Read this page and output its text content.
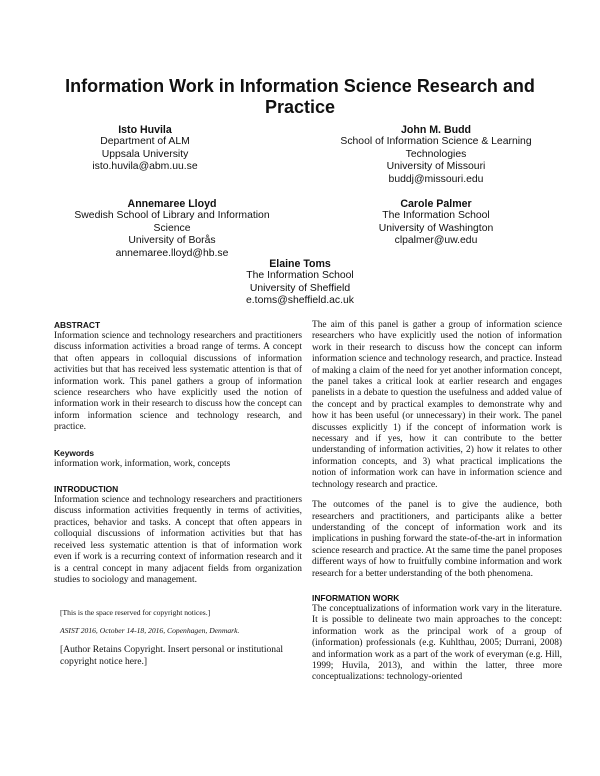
Information Work in Information Science Research and Practice
Isto Huvila
Department of ALM
Uppsala University
isto.huvila@abm.uu.se
John M. Budd
School of Information Science & Learning
Technologies
University of Missouri
buddj@missouri.edu
Annemaree Lloyd
Swedish School of Library and Information
Science
University of Borås
annemaree.lloyd@hb.se
Carole Palmer
The Information School
University of Washington
clpalmer@uw.edu
Elaine Toms
The Information School
University of Sheffield
e.toms@sheffield.ac.uk
ABSTRACT

Information science and technology researchers and practitioners discuss information activities a broad range of terms. A concept that often appears in colloquial discussions of information activities but that has received less systematic attention is that of information work. This panel gathers a group of information science researchers who have explicitly used the notion of information work in their research to discuss how the concept can inform information science and technology research, and practice.

Keywords

information work, information, work, concepts

INTRODUCTION

Information science and technology researchers and practitioners discuss information activities frequently in terms of activities, practices, behavior and tasks. A concept that often appears in colloquial discussions of information activities but that has received less systematic attention is that of information work even if work is a recurring context of information research and it is a central concept in many adjacent fields from organization studies to sociology and management.

[This is the space reserved for copyright notices.]

ASIST 2016, October 14-18, 2016, Copenhagen, Denmark.

[Author Retains Copyright. Insert personal or institutional copyright notice here.]

The aim of this panel is gather a group of information science researchers who have explicitly used the notion of information work in their research to discuss how the concept can inform information science and technology research, and practice. Instead of making a claim of the need for yet another information concept, the panel takes a critical look at earlier research and engages panelists in a debate to question the usefulness and added value of the concept and by practical examples to demonstrate why and how it has been useful (or unnecessary) in their work. The panel discusses explicitly 1) if the concept of information work is necessary and if yes, how it can contribute to the better understanding of information activities, 2) how it relates to other information concepts, and 3) what practical implications the notion of information work can have in information science and technology research and practice.

The outcomes of the panel is to give the audience, both researchers and practitioners, and participants alike a better understanding of the concept of information work and its implications in pushing forward the state-of-the-art in information science research and practice. At the same time the panel proposes different ways of how to fruitfully combine information and work research for a better understanding of the both phenomena.

INFORMATION WORK

The conceptualizations of information work vary in the literature. It is possible to delineate two main approaches to the concept: information work as the principal work of a group of (information) professionals (e.g. Kuhlthau, 2005; Durrani, 2008) and information work as a part of the work of everyman (e.g. Hill, 1999; Huvila, 2013), and within the latter, three more conceptualizations: technology-oriented
